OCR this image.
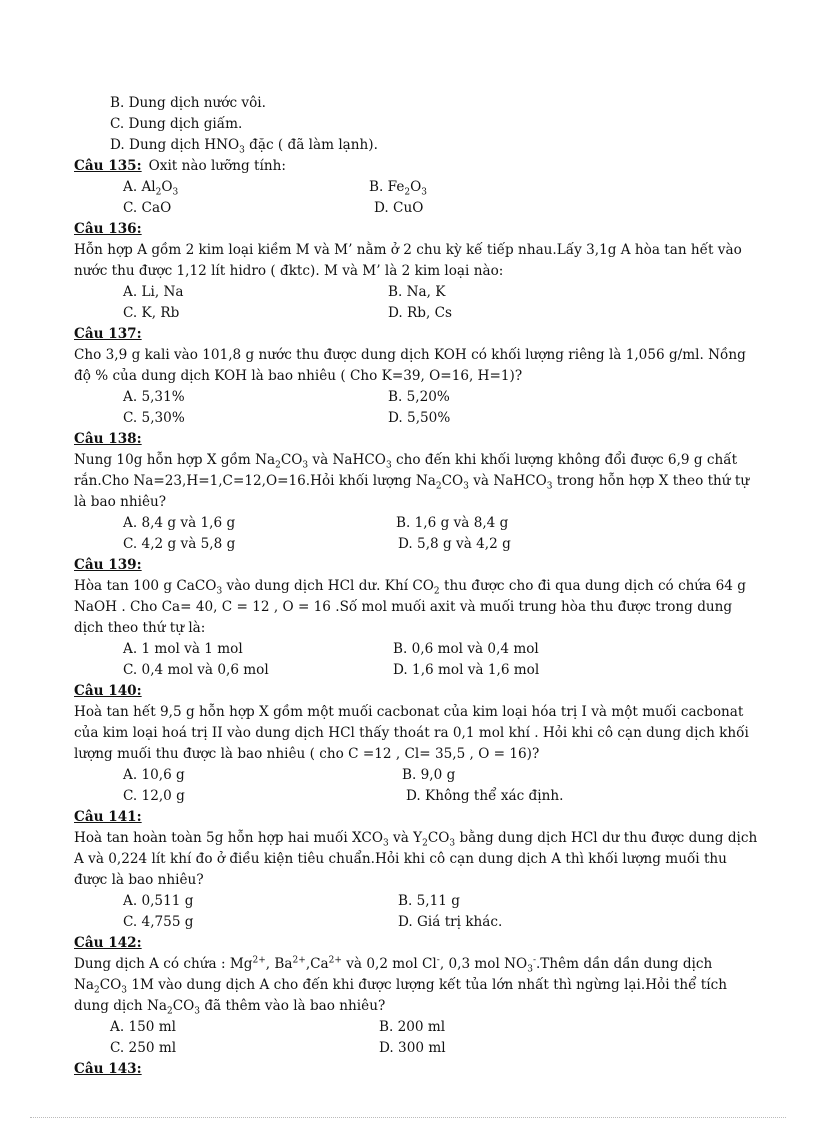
B. Dung dịch nước vôi.
C. Dung dịch giấm.
D. Dung dịch $HNO_3$ đặc ( đã làm lạnh).
Câu 135:
Oxit nào lưỡng tính:
A. $Al_2O_3$	B. $Fe_2O_3$
C. CaO	D. CuO
Câu 136:
Hỗn hợp A gồm 2 kim loại kiềm M và M’ nằm ở 2 chu kỳ kế tiếp nhau.Lấy 3,1g A hòa tan hết vào nước thu được 1,12 lít hidro ( đktc). M và M’ là 2 kim loại nào:
A. Li, Na	B. Na, K
C. K, Rb	D. Rb, Cs
Câu 137:
Cho 3,9 g kali vào 101,8 g nước thu được dung dịch KOH có khối lượng riêng là 1,056 g/ml. Nồng độ % của dung dịch KOH là bao nhiêu ( Cho K=39, O=16, H=1)?
A. 5,31%	B. 5,20%
C. 5,30%	D. 5,50%
Câu 138:
Nung 10g hỗn hợp X gồm $Na_2CO_3$ và NaHCO$_3$ cho đến khi khối lượng không đổi được 6,9 g chất rắn.Cho Na=23,H=1,C=12,O=16.Hỏi khối lượng $Na_2CO_3$ và NaHCO$_3$ trong hỗn hợp X theo thứ tự là bao nhiêu?
A. 8,4 g và 1,6 g	B. 1,6 g và 8,4 g
C. 4,2 g và 5,8 g	D. 5,8 g và 4,2 g
Câu 139:
Hòa tan 100 g CaCO$_3$ vào dung dịch HCl dư. Khí $CO_2$ thu được cho đi qua dung dịch có chứa 64 g NaOH . Cho Ca= 40, C = 12 , O = 16 .Số mol muối axit và muối trung hòa thu được trong dung dịch theo thứ tự là:
A. 1 mol và 1 mol	B. 0,6 mol và 0,4 mol
C. 0,4 mol và 0,6 mol	D. 1,6 mol và 1,6 mol
Câu 140:
Hoà tan hết 9,5 g hỗn hợp X gồm một muối cacbonat của kim loại hóa trị I và một muối cacbonat của kim loại hoá trị II vào dung dịch HCl thấy thoát ra 0,1 mol khí . Hỏi khi cô cạn dung dịch khối lượng muối thu được là bao nhiêu ( cho C =12 , Cl= 35,5 , O = 16)?
A. 10,6 g	B. 9,0 g
C. 12,0 g	D. Không thể xác định.
Câu 141:
Hoà tan hoàn toàn 5g hỗn hợp hai muối $XCO_3$ và $Y_2CO_3$ bằng dung dịch HCl dư thu được dung dịch A và 0,224 lít khí đo ở điều kiện tiêu chuẩn.Hỏi khi cô cạn dung dịch A thì khối lượng muối thu được là bao nhiêu?
A. 0,511 g	B. 5,11 g
C. 4,755 g	D. Giá trị khác.
Câu 142:
Dung dịch A có chứa : $Mg^{2+}$, $Ba^{2+},Ca^{2+}$ và 0,2 mol Cl-, 0,3 mol $NO_3^-.Thêm$ dần dần dung dịch $Na_2CO_3$ 1M vào dung dịch A cho đến khi được lượng kết tủa lớn nhất thì ngừng lại.Hỏi thể tích dung dịch $Na_2CO_3$ đã thêm vào là bao nhiêu?
A. 150 ml	B. 200 ml
C. 250 ml	D. 300 ml
Câu 143:
